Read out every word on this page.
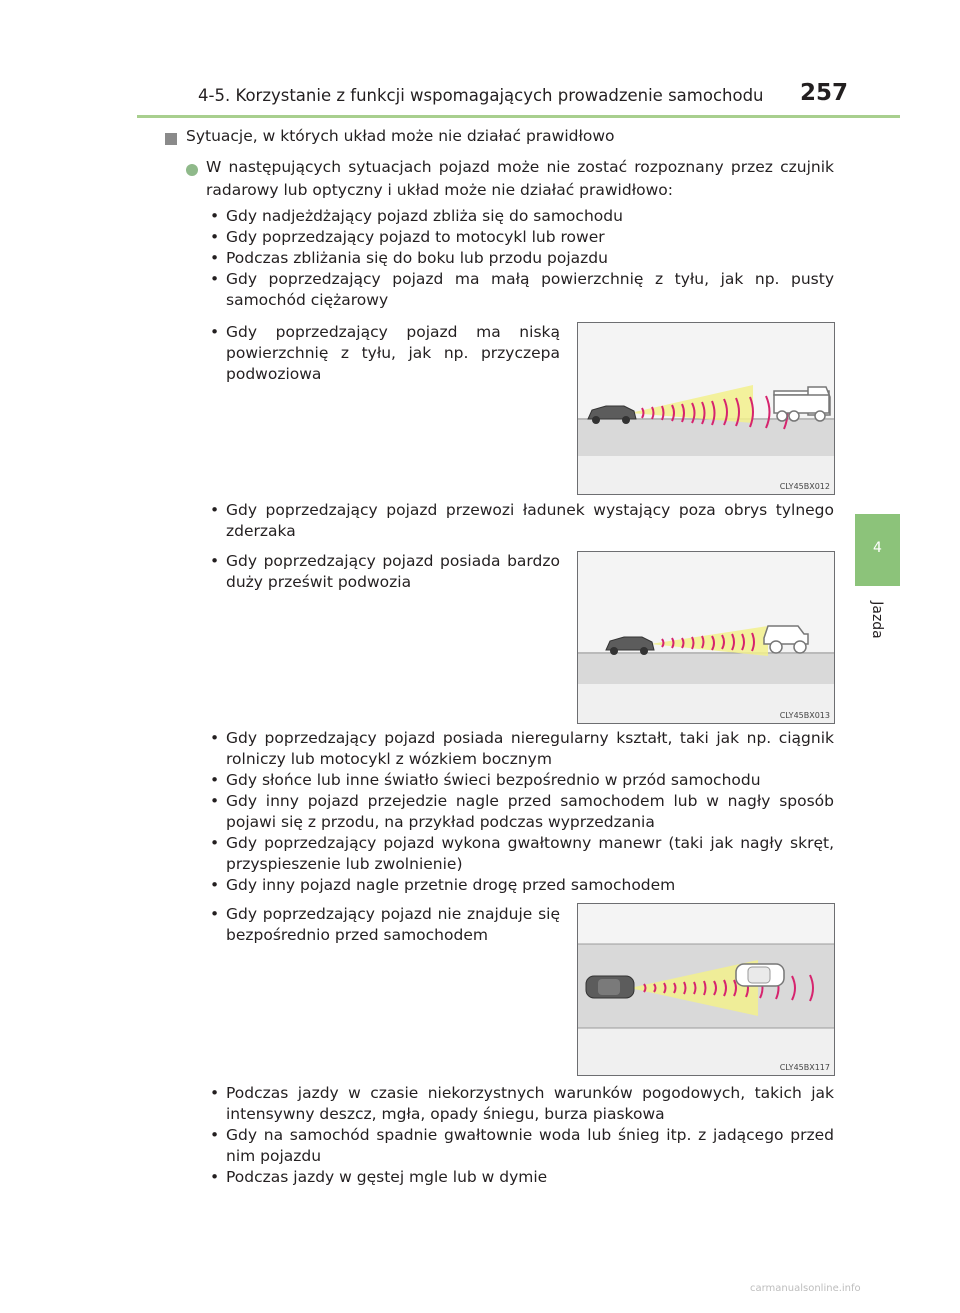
4-5. Korzystanie z funkcji wspomagających prowadzenie samochodu 257
4
Jazda
Sytuacje, w których układ może nie działać prawidłowo
W następujących sytuacjach pojazd może nie zostać rozpoznany przez czujnik radarowy lub optyczny i układ może nie działać prawidłowo:
• Gdy nadjeżdżający pojazd zbliża się do samochodu
• Gdy poprzedzający pojazd to motocykl lub rower
• Podczas zbliżania się do boku lub przodu pojazdu
• Gdy poprzedzający pojazd ma małą powierzchnię z tyłu, jak np. pusty samochód ciężarowy
• Gdy poprzedzający pojazd ma niską powierzchnię z tyłu, jak np. przyczepa podwoziowa
CLY45BX012
• Gdy poprzedzający pojazd przewozi ładunek wystający poza obrys tylnego zderzaka
• Gdy poprzedzający pojazd posiada bardzo duży prześwit podwozia
CLY45BX013
• Gdy poprzedzający pojazd posiada nieregularny kształt, taki jak np. ciągnik rolniczy lub motocykl z wózkiem bocznym
• Gdy słońce lub inne światło świeci bezpośrednio w przód samochodu
• Gdy inny pojazd przejedzie nagle przed samochodem lub w nagły sposób pojawi się z przodu, na przykład podczas wyprzedzania
• Gdy poprzedzający pojazd wykona gwałtowny manewr (taki jak nagły skręt, przyspieszenie lub zwolnienie)
• Gdy inny pojazd nagle przetnie drogę przed samochodem
• Gdy poprzedzający pojazd nie znajduje się bezpośrednio przed samochodem
CLY45BX117
• Podczas jazdy w czasie niekorzystnych warunków pogodowych, takich jak intensywny deszcz, mgła, opady śniegu, burza piaskowa
• Gdy na samochód spadnie gwałtownie woda lub śnieg itp. z jadącego przed nim pojazdu
• Podczas jazdy w gęstej mgle lub w dymie
carmanualsonline.info
